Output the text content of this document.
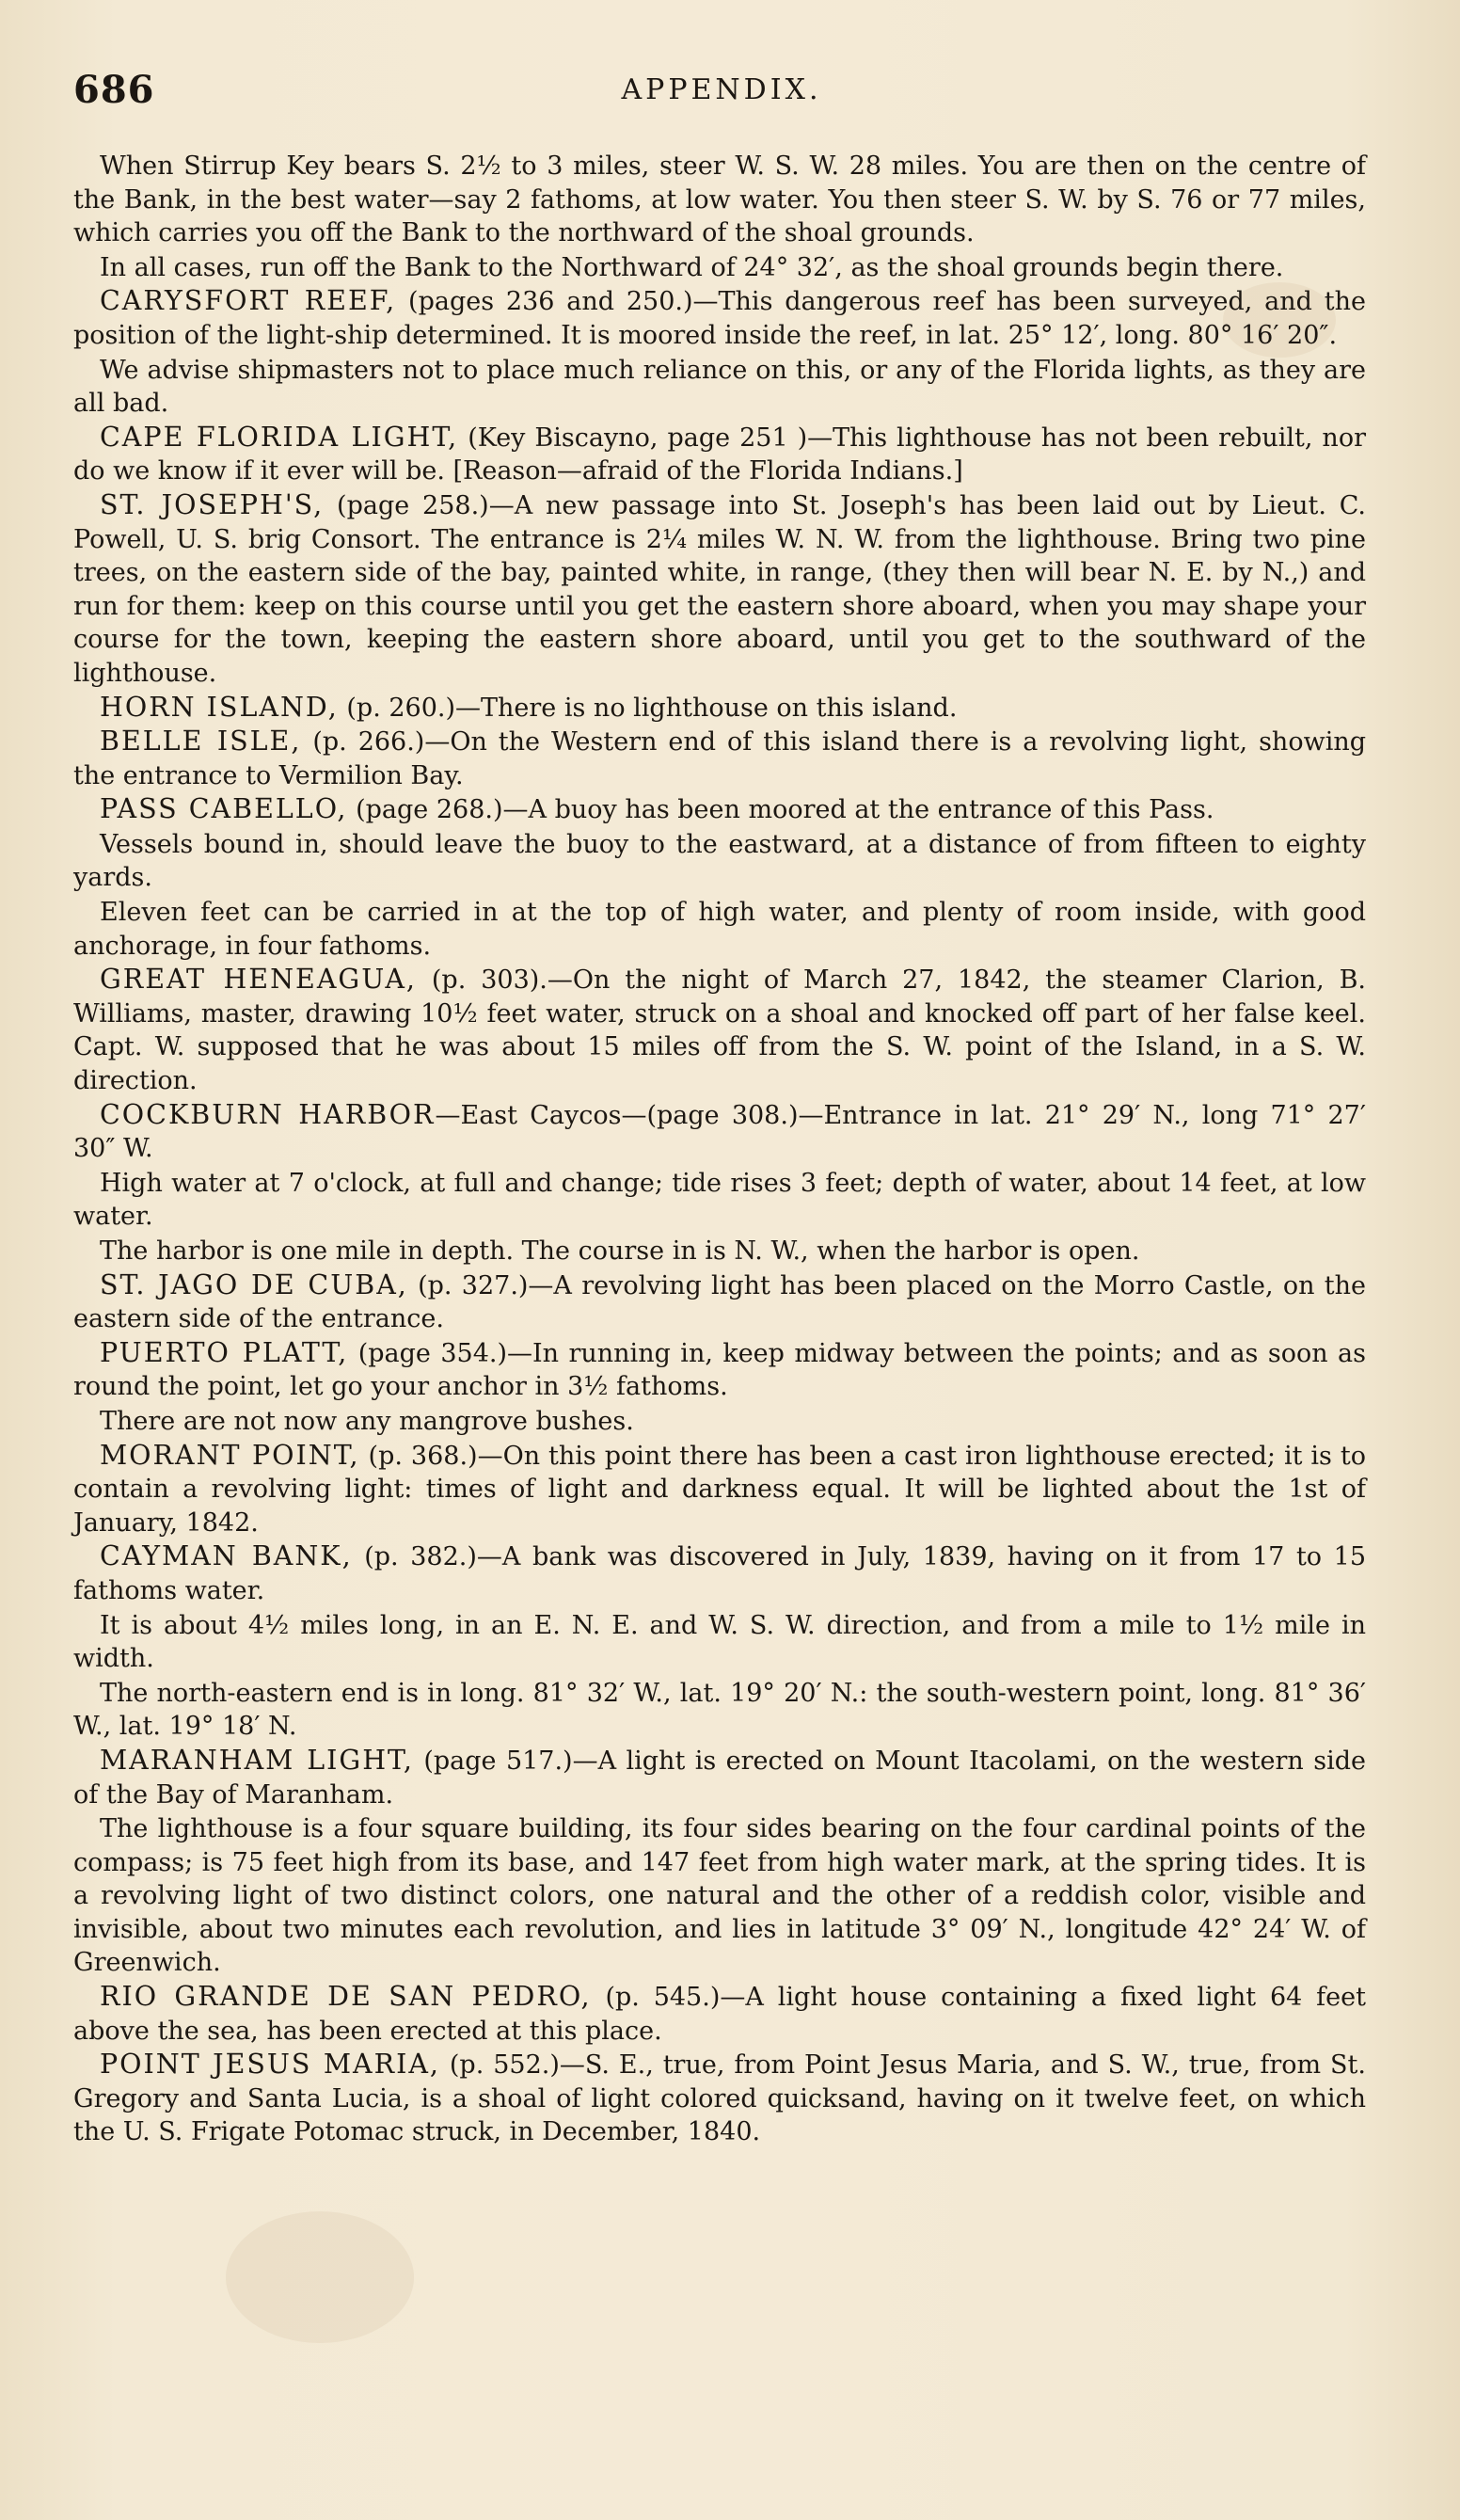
686	APPENDIX.

When Stirrup Key bears S. 2½ to 3 miles, steer W. S. W. 28 miles. You are then on the centre of the Bank, in the best water—say 2 fathoms, at low water. You then steer S. W. by S. 76 or 77 miles, which carries you off the Bank to the northward of the shoal grounds.

In all cases, run off the Bank to the Northward of 24° 32′, as the shoal grounds begin there.

CARYSFORT REEF, (pages 236 and 250.)—This dangerous reef has been surveyed, and the position of the light-ship determined. It is moored inside the reef, in lat. 25° 12′, long. 80° 16′ 20″.

We advise shipmasters not to place much reliance on this, or any of the Florida lights, as they are all bad.

CAPE FLORIDA LIGHT, (Key Biscayno, page 251 )—This lighthouse has not been rebuilt, nor do we know if it ever will be. [Reason—afraid of the Florida Indians.]

ST. JOSEPH'S, (page 258.)—A new passage into St. Joseph's has been laid out by Lieut. C. Powell, U. S. brig Consort. The entrance is 2¼ miles W. N. W. from the lighthouse. Bring two pine trees, on the eastern side of the bay, painted white, in range, (they then will bear N. E. by N.,) and run for them: keep on this course until you get the eastern shore aboard, when you may shape your course for the town, keeping the eastern shore aboard, until you get to the southward of the lighthouse.

HORN ISLAND, (p. 260.)—There is no lighthouse on this island.

BELLE ISLE, (p. 266.)—On the Western end of this island there is a revolving light, showing the entrance to Vermilion Bay.

PASS CABELLO, (page 268.)—A buoy has been moored at the entrance of this Pass.

Vessels bound in, should leave the buoy to the eastward, at a distance of from fifteen to eighty yards.

Eleven feet can be carried in at the top of high water, and plenty of room inside, with good anchorage, in four fathoms.

GREAT HENEAGUA, (p. 303).—On the night of March 27, 1842, the steamer Clarion, B. Williams, master, drawing 10½ feet water, struck on a shoal and knocked off part of her false keel. Capt. W. supposed that he was about 15 miles off from the S. W. point of the Island, in a S. W. direction.

COCKBURN HARBOR—East Caycos—(page 308.)—Entrance in lat. 21° 29′ N., long 71° 27′ 30″ W.

High water at 7 o'clock, at full and change; tide rises 3 feet; depth of water, about 14 feet, at low water.

The harbor is one mile in depth. The course in is N. W., when the harbor is open.

ST. JAGO DE CUBA, (p. 327.)—A revolving light has been placed on the Morro Castle, on the eastern side of the entrance.

PUERTO PLATT, (page 354.)—In running in, keep midway between the points; and as soon as round the point, let go your anchor in 3½ fathoms.

There are not now any mangrove bushes.

MORANT POINT, (p. 368.)—On this point there has been a cast iron lighthouse erected; it is to contain a revolving light: times of light and darkness equal. It will be lighted about the 1st of January, 1842.

CAYMAN BANK, (p. 382.)—A bank was discovered in July, 1839, having on it from 17 to 15 fathoms water.

It is about 4½ miles long, in an E. N. E. and W. S. W. direction, and from a mile to 1½ mile in width.

The north-eastern end is in long. 81° 32′ W., lat. 19° 20′ N.: the south-western point, long. 81° 36′ W., lat. 19° 18′ N.

MARANHAM LIGHT, (page 517.)—A light is erected on Mount Itacolami, on the western side of the Bay of Maranham.

The lighthouse is a four square building, its four sides bearing on the four cardinal points of the compass; is 75 feet high from its base, and 147 feet from high water mark, at the spring tides. It is a revolving light of two distinct colors, one natural and the other of a reddish color, visible and invisible, about two minutes each revolution, and lies in latitude 3° 09′ N., longitude 42° 24′ W. of Greenwich.

RIO GRANDE DE SAN PEDRO, (p. 545.)—A light house containing a fixed light 64 feet above the sea, has been erected at this place.

POINT JESUS MARIA, (p. 552.)—S. E., true, from Point Jesus Maria, and S. W., true, from St. Gregory and Santa Lucia, is a shoal of light colored quicksand, having on it twelve feet, on which the U. S. Frigate Potomac struck, in December, 1840.
